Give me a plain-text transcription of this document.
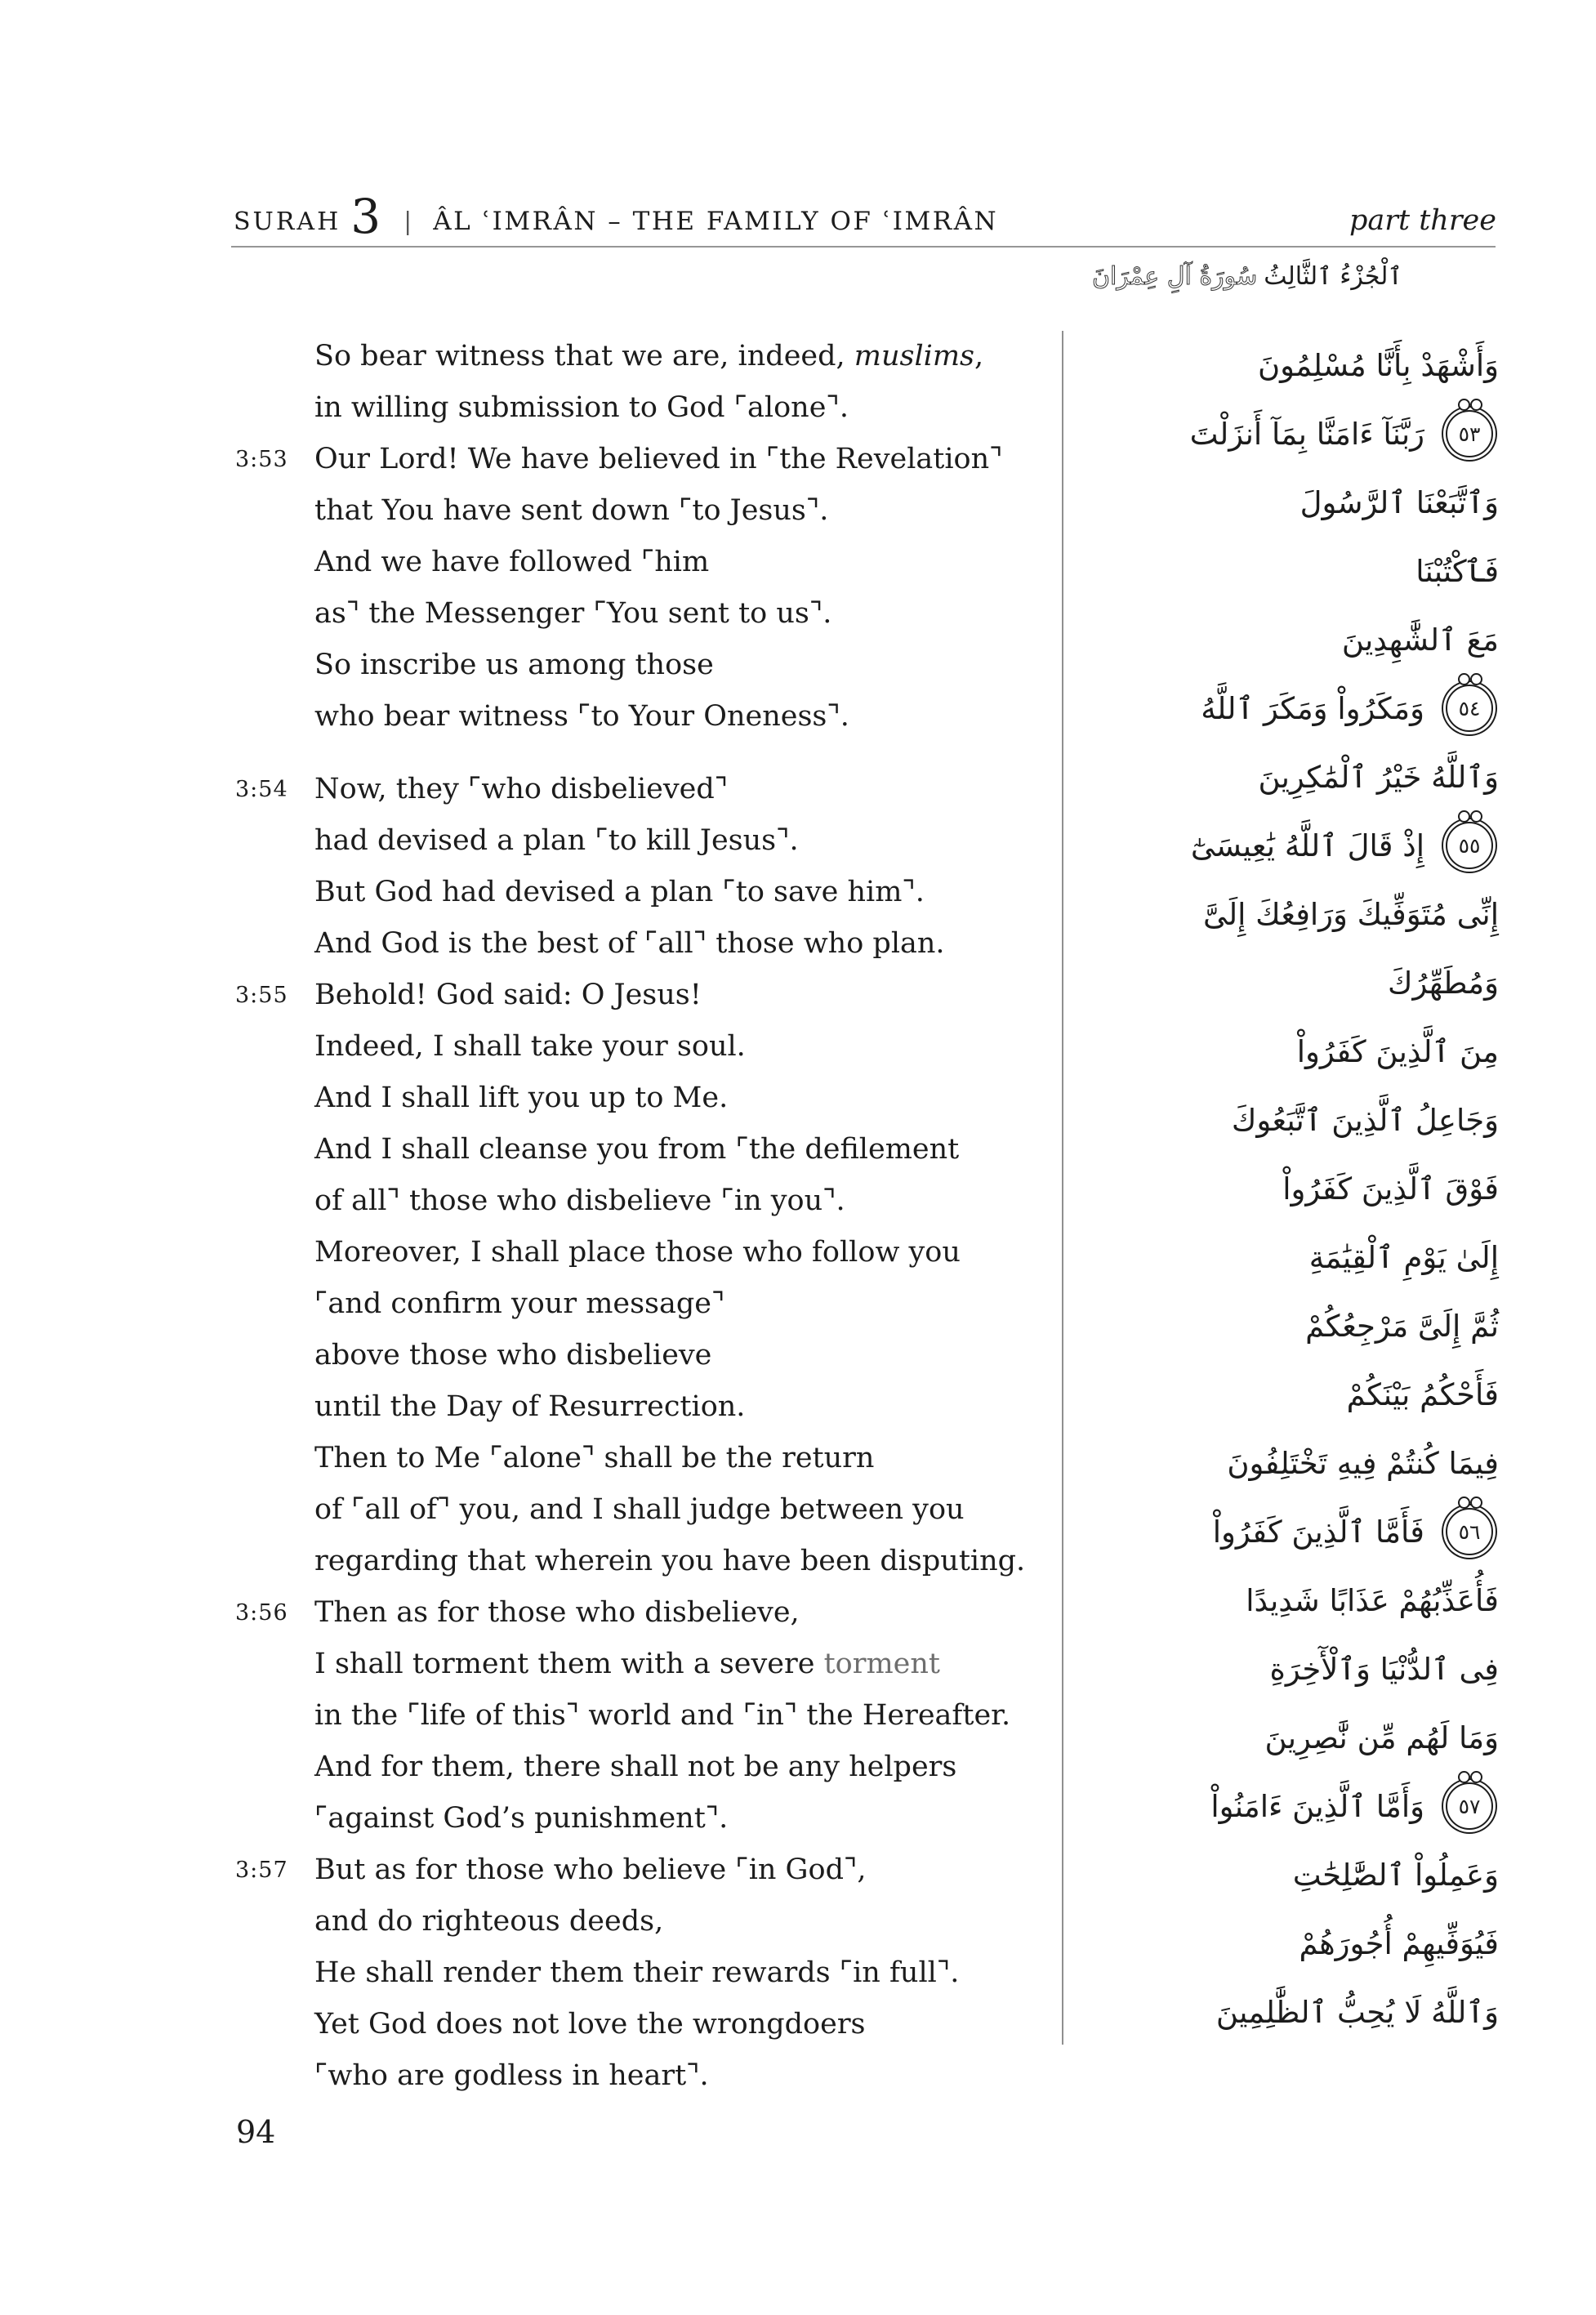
SURAH 3 | ÂL ʿIMRÂN – THE FAMILY OF ʿIMRÂN	part three
ٱلْجُزْءُ ٱلثَّالِثُ
سُورَةُ آلِ عِمْرَانَ
So bear witness that we are, indeed, muslims,
in willing submission to God ⌜alone⌝.
3:53 Our Lord! We have believed in ⌜the Revelation⌝
that You have sent down ⌜to Jesus⌝.
And we have followed ⌜him
as⌝ the Messenger ⌜You sent to us⌝.
So inscribe us among those
who bear witness ⌜to Your Oneness⌝.
3:54 Now, they ⌜who disbelieved⌝
had devised a plan ⌜to kill Jesus⌝.
But God had devised a plan ⌜to save him⌝.
And God is the best of ⌜all⌝ those who plan.
3:55 Behold! God said: O Jesus!
Indeed, I shall take your soul.
And I shall lift you up to Me.
And I shall cleanse you from ⌜the defilement
of all⌝ those who disbelieve ⌜in you⌝.
Moreover, I shall place those who follow you
⌜and confirm your message⌝
above those who disbelieve
until the Day of Resurrection.
Then to Me ⌜alone⌝ shall be the return
of ⌜all of⌝ you, and I shall judge between you
regarding that wherein you have been disputing.
3:56 Then as for those who disbelieve,
I shall torment them with a severe torment
in the ⌜life of this⌝ world and ⌜in⌝ the Hereafter.
And for them, there shall not be any helpers
⌜against God’s punishment⌝.
3:57 But as for those who believe ⌜in God⌝,
and do righteous deeds,
He shall render them their rewards ⌜in full⌝.
Yet God does not love the wrongdoers
⌜who are godless in heart⌝.
وَأَشْهَدْ بِأَنَّا مُسْلِمُونَ
٥٣
رَبَّنَآ ءَامَنَّا بِمَآ أَنزَلْتَ
وَٱتَّبَعْنَا ٱلرَّسُولَ
فَٱكْتُبْنَا
مَعَ ٱلشَّٰهِدِينَ
٥٤
وَمَكَرُواْ وَمَكَرَ ٱللَّهُ
وَٱللَّهُ خَيْرُ ٱلْمَٰكِرِينَ
٥٥
إِذْ قَالَ ٱللَّهُ يَٰعِيسَىٰٓ
إِنِّى مُتَوَفِّيكَ وَرَافِعُكَ إِلَىَّ
وَمُطَهِّرُكَ
مِنَ ٱلَّذِينَ كَفَرُواْ
وَجَاعِلُ ٱلَّذِينَ ٱتَّبَعُوكَ
فَوْقَ ٱلَّذِينَ كَفَرُواْ
إِلَىٰ يَوْمِ ٱلْقِيَٰمَةِ
ثُمَّ إِلَىَّ مَرْجِعُكُمْ
فَأَحْكُمُ بَيْنَكُمْ
فِيمَا كُنتُمْ فِيهِ تَخْتَلِفُونَ
٥٦
فَأَمَّا ٱلَّذِينَ كَفَرُواْ
فَأُعَذِّبُهُمْ عَذَابًا شَدِيدًا
فِى ٱلدُّنْيَا وَٱلْأٓخِرَةِ
وَمَا لَهُم مِّن نَّٰصِرِينَ
٥٧
وَأَمَّا ٱلَّذِينَ ءَامَنُواْ
وَعَمِلُواْ ٱلصَّٰلِحَٰتِ
فَيُوَفِّيهِمْ أُجُورَهُمْ
وَٱللَّهُ لَا يُحِبُّ ٱلظَّٰلِمِينَ
94
